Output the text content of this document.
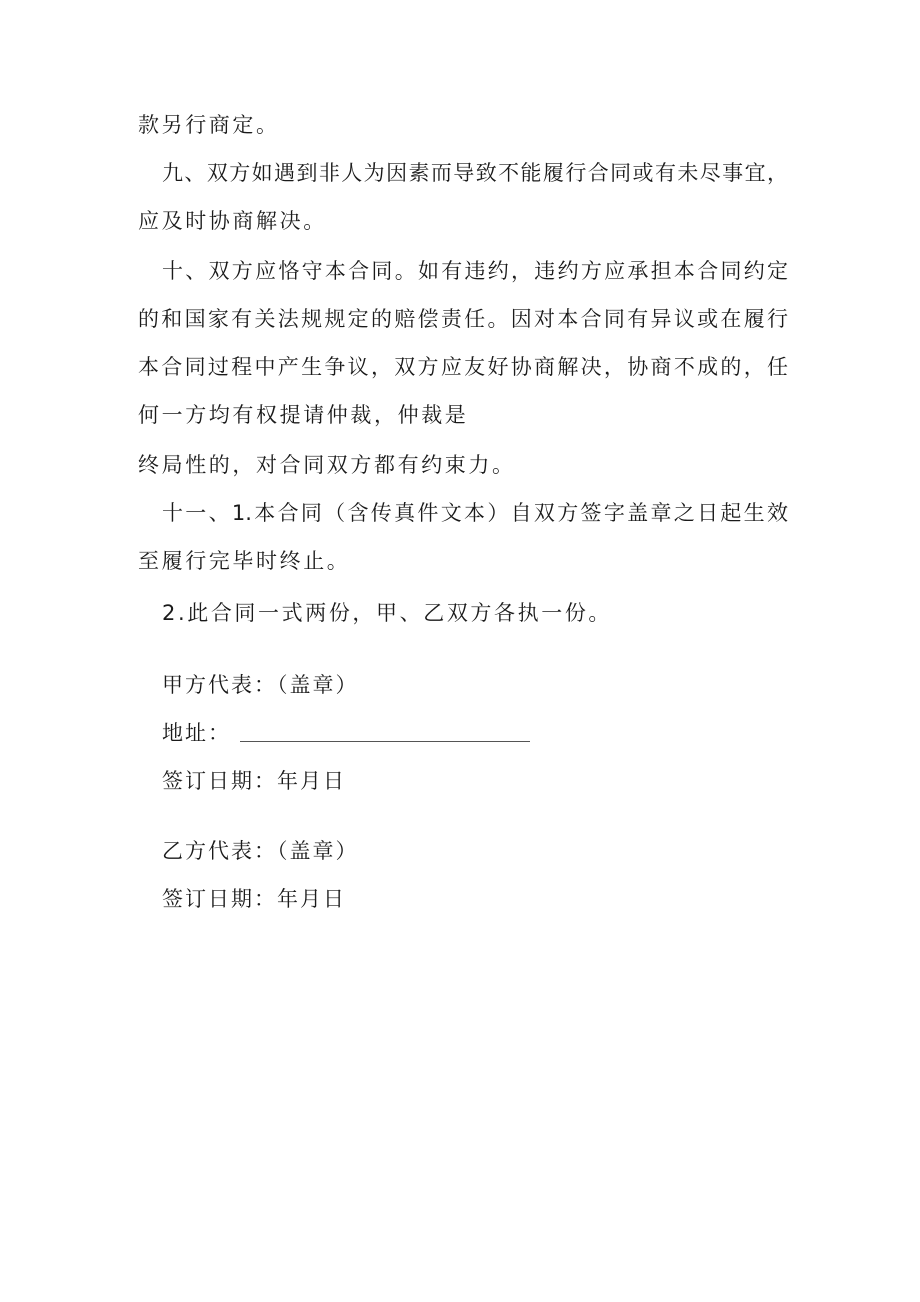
款另行商定。
九、双方如遇到非人为因素而导致不能履行合同或有未尽事宜，
应及时协商解决。
十、双方应恪守本合同。如有违约，违约方应承担本合同约定
的和国家有关法规规定的赔偿责任。因对本合同有异议或在履行
本合同过程中产生争议，双方应友好协商解决，协商不成的，任
何一方均有权提请仲裁，仲裁是
终局性的，对合同双方都有约束力。
十一、1.本合同（含传真件文本）自双方签字盖章之日起生效
至履行完毕时终止。
2.此合同一式两份，甲、乙双方各执一份。
甲方代表：（盖章）
地址：
签订日期：年月日
乙方代表：（盖章）
签订日期：年月日
